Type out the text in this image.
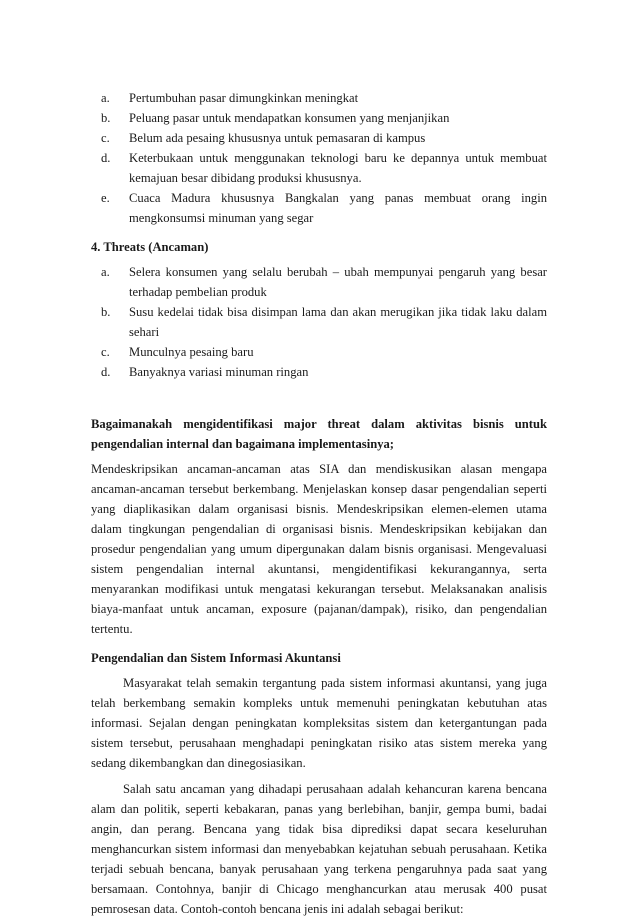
a.	Pertumbuhan pasar dimungkinkan meningkat
b.	Peluang pasar untuk mendapatkan konsumen yang menjanjikan
c.	Belum ada pesaing khususnya untuk pemasaran di kampus
d.	Keterbukaan untuk menggunakan teknologi baru ke depannya untuk membuat kemajuan besar dibidang produksi khususnya.
e.	Cuaca Madura khususnya Bangkalan yang panas membuat orang ingin mengkonsumsi minuman yang segar
4. Threats (Ancaman)
a.	Selera konsumen yang selalu berubah – ubah mempunyai pengaruh yang besar terhadap pembelian produk
b.	Susu kedelai tidak bisa disimpan lama dan akan merugikan jika tidak laku dalam sehari
c.	Munculnya pesaing baru
d.	Banyaknya variasi minuman ringan
Bagaimanakah mengidentifikasi major threat dalam aktivitas bisnis untuk pengendalian internal dan bagaimana implementasinya;

Mendeskripsikan ancaman-ancaman atas SIA dan mendiskusikan alasan mengapa ancaman-ancaman tersebut berkembang. Menjelaskan konsep dasar pengendalian seperti yang diaplikasikan dalam organisasi bisnis. Mendeskripsikan elemen-elemen utama dalam tingkungan pengendalian di organisasi bisnis. Mendeskripsikan kebijakan dan prosedur pengendalian yang umum dipergunakan dalam bisnis organisasi. Mengevaluasi sistem pengendalian internal akuntansi, mengidentifikasi kekurangannya, serta menyarankan modifikasi untuk mengatasi kekurangan tersebut. Melaksanakan analisis biaya-manfaat untuk ancaman, exposure (pajanan/dampak), risiko, dan pengendalian tertentu.

Pengendalian dan Sistem Informasi Akuntansi

Masyarakat telah semakin tergantung pada sistem informasi akuntansi, yang juga telah berkembang semakin kompleks untuk memenuhi peningkatan kebutuhan atas informasi. Sejalan dengan peningkatan kompleksitas sistem dan ketergantungan pada sistem tersebut, perusahaan menghadapi peningkatan risiko atas sistem mereka yang sedang dikembangkan dan dinegosiasikan.

Salah satu ancaman yang dihadapi perusahaan adalah kehancuran karena bencana alam dan politik, seperti kebakaran, panas yang berlebihan, banjir, gempa bumi, badai angin, dan perang. Bencana yang tidak bisa diprediksi dapat secara keseluruhan menghancurkan sistem informasi dan menyebabkan kejatuhan sebuah perusahaan. Ketika terjadi sebuah bencana, banyak perusahaan yang terkena pengaruhnya pada saat yang bersamaan. Contohnya, banjir di Chicago menghancurkan atau merusak 400 pusat pemrosesan data. Contoh-contoh bencana jenis ini adalah sebagai berikut:
